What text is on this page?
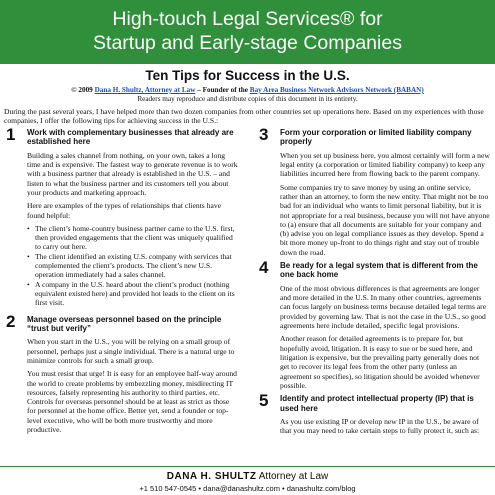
High-touch Legal Services® for
Startup and Early-stage Companies
Ten Tips for Success in the U.S.
© 2009 Dana H. Shultz, Attorney at Law – Founder of the Bay Area Business Network Advisors Network (BABAN)
Readers may reproduce and distribute copies of this document in its entirety.
During the past several years, I have helped more than two dozen companies from other countries set up operations here. Based on my experiences with those companies, I offer the following tips for achieving success in the U.S.:
1 Work with complementary businesses that already are established here

Building a sales channel from nothing, on your own, takes a long time and is expensive. The fastest way to generate revenue is to work with a business partner that already is established in the U.S. – and listen to what the business partner and its customers tell you about your products and marketing approach.

Here are examples of the types of relationships that clients have found helpful:

• The client’s home-country business partner came to the U.S. first, then provided engagements that the client was uniquely qualified to carry out here.
• The client identified an existing U.S. company with services that complemented the client’s products. The client’s new U.S. operation immediately had a sales channel.
• A company in the U.S. heard about the client’s product (nothing equivalent existed here) and provided hot leads to the client on its first visit.
2 Manage overseas personnel based on the principle “trust but verify”

When you start in the U.S., you will be relying on a small group of personnel, perhaps just a single individual. There is a natural urge to minimize controls for such a small group.

You must resist that urge! It is easy for an employee half-way around the world to create problems by embezzling money, misdirecting IT resources, falsely representing his authority to third parties, etc. Controls for overseas personnel should be at least as strict as those for personnel at the home office. Better yet, send a founder or top-level executive, who will be both more trustworthy and more productive.

3 Form your corporation or limited liability company properly

When you set up business here, you almost certainly will form a new legal entity (a corporation or limited liability company) to keep any liabilities incurred here from flowing back to the parent company.

Some companies try to save money by using an online service, rather than an attorney, to form the new entity. That might not be too bad for an individual who wants to limit personal liability, but it is not appropriate for a real business, because you will not have anyone to (a) ensure that all documents are suitable for your company and (b) advise you on legal compliance issues as they develop. Spend a bit more money up-front to do things right and stay out of trouble down the road.

4 Be ready for a legal system that is different from the one back home

One of the most obvious differences is that agreements are longer and more detailed in the U.S. In many other countries, agreements can focus largely on business terms because detailed legal terms are provided by governing law. That is not the case in the U.S., so good agreements here include detailed, specific legal provisions.

Another reason for detailed agreements is to prepare for, but hopefully avoid, litigation. It is easy to sue or be sued here, and litigation is expensive, but the prevailing party generally does not get to recover its legal fees from the other party (unless an agreement so specifies), so litigation should be avoided whenever possible.

5 Identify and protect intellectual property (IP) that is used here

As you use existing IP or develop new IP in the U.S., be aware of that you may need to take certain steps to fully protect it, such as:

DANA H. SHULTZ Attorney at Law
+1 510 547-0545 • dana@danashultz.com • danashultz.com/blog
